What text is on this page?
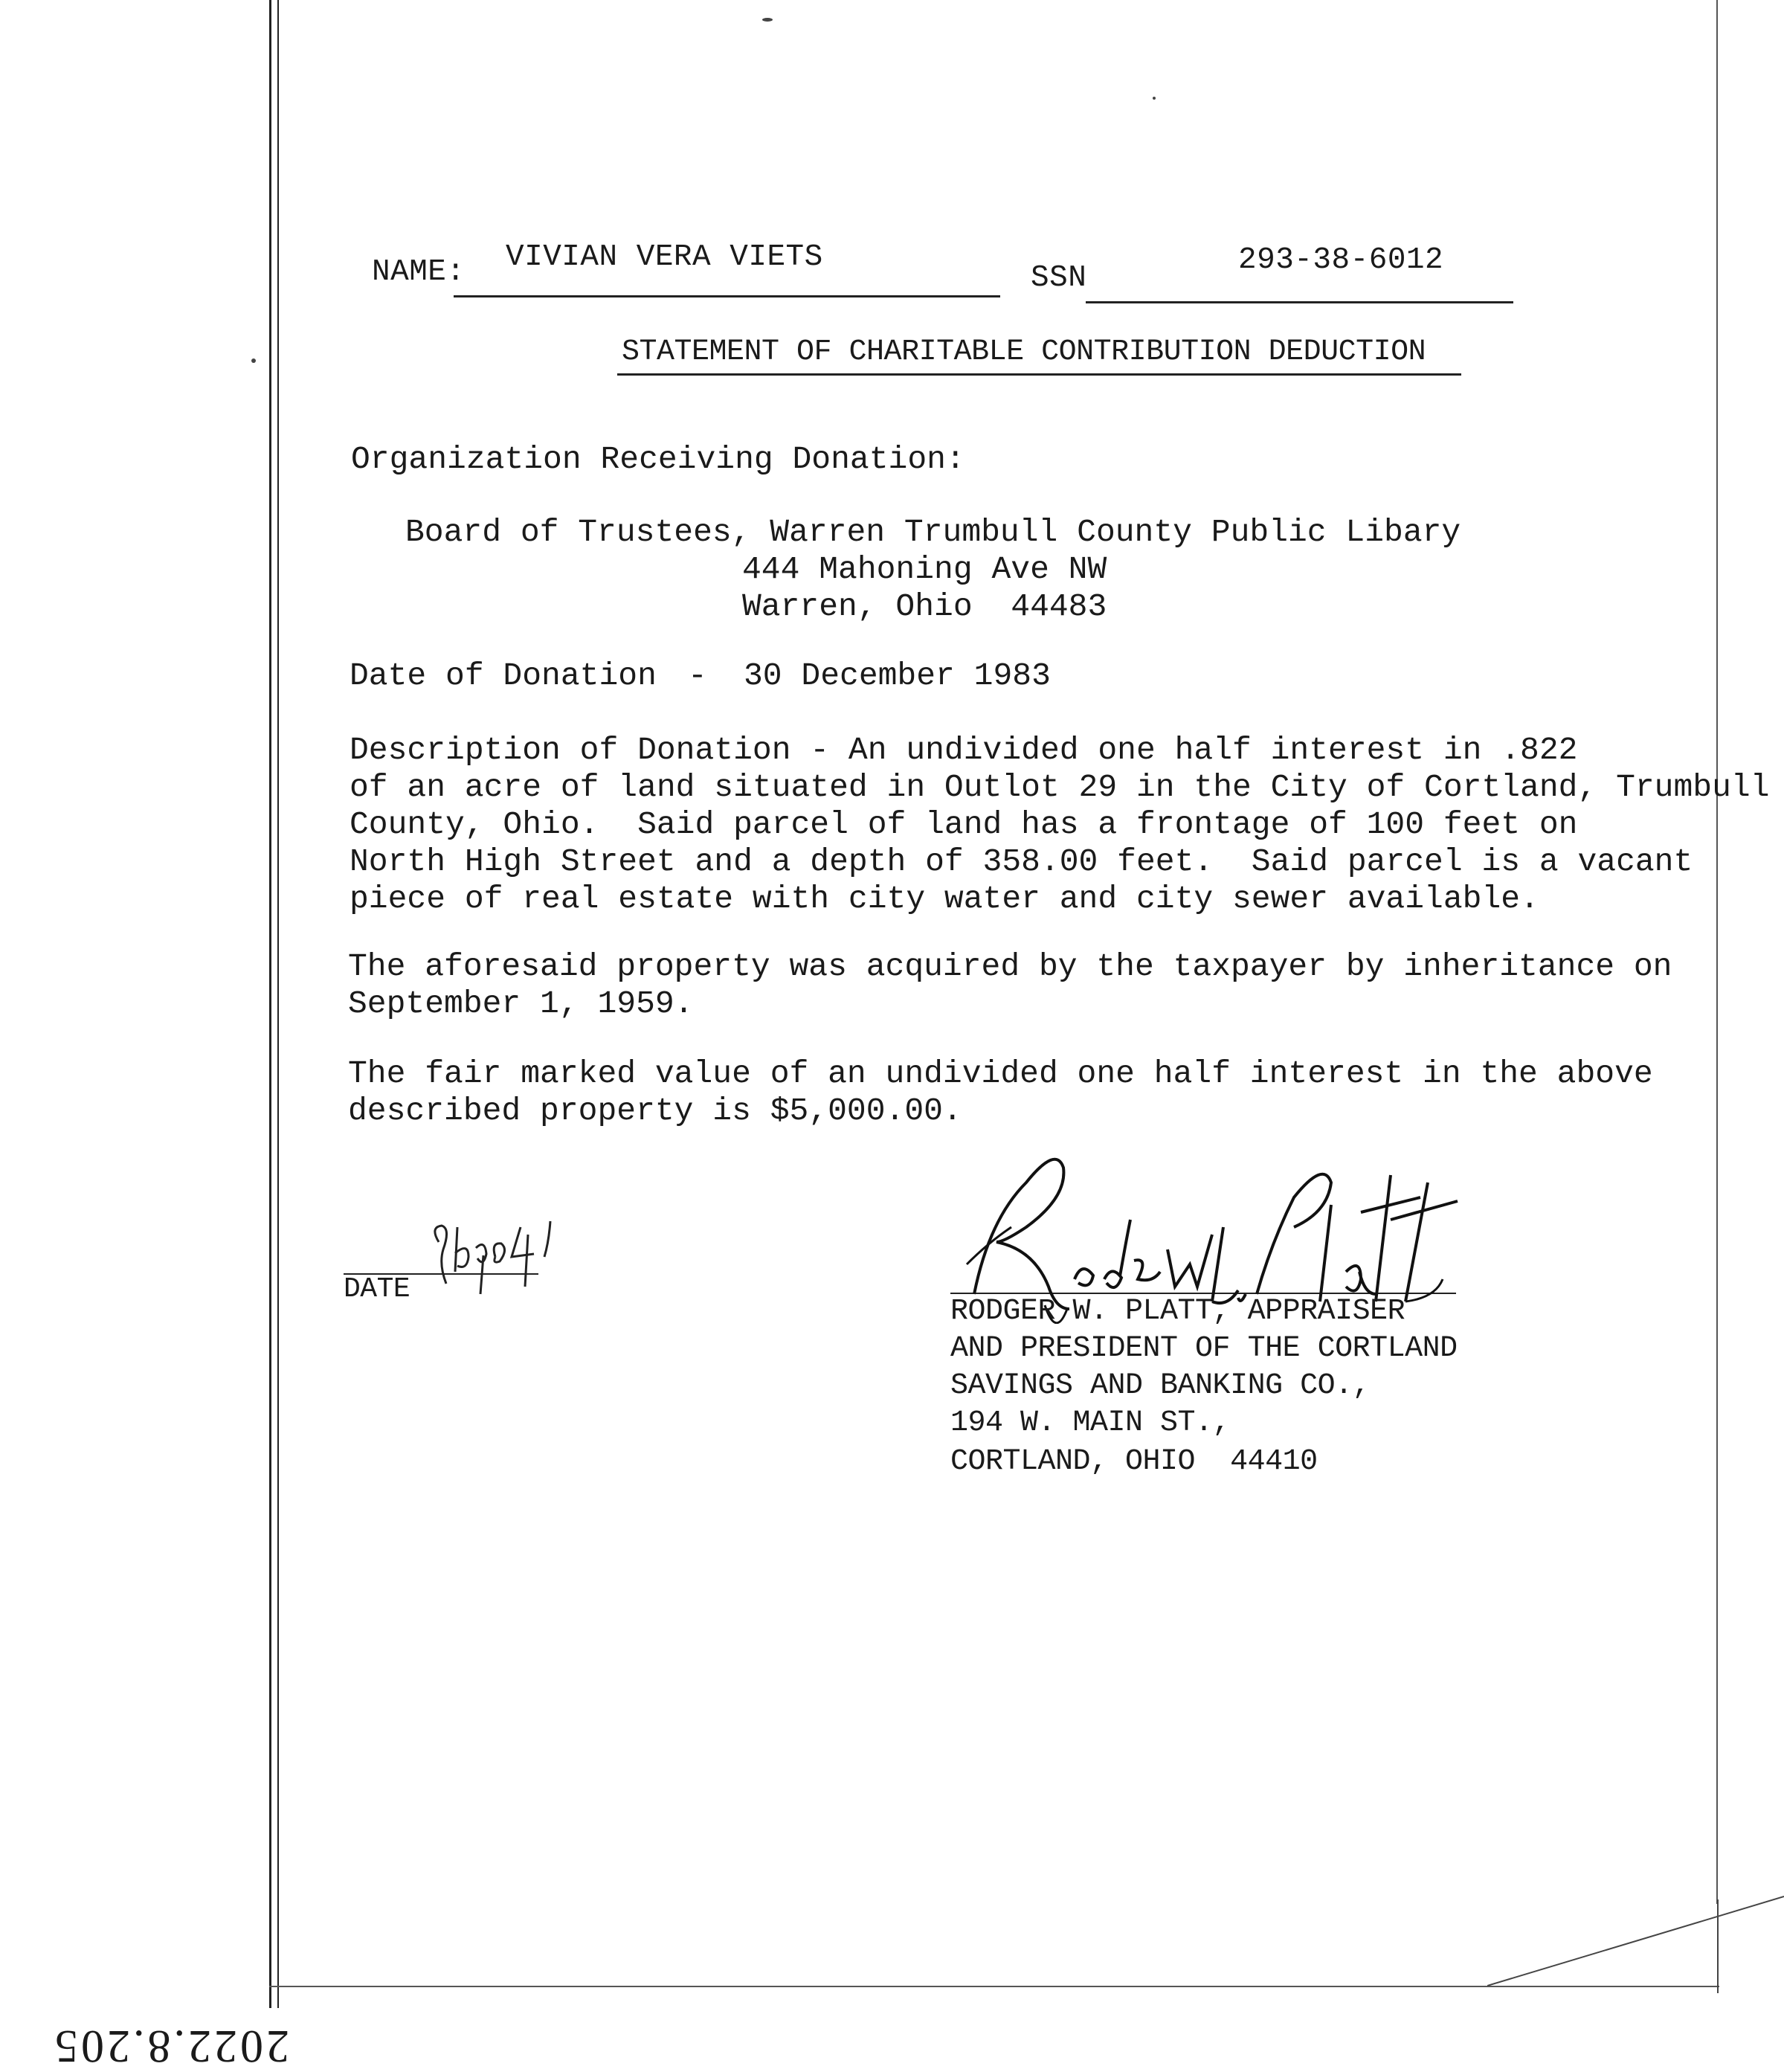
NAME: VIVIAN VERA VIETS
SSN
293-38-6012
STATEMENT OF CHARITABLE CONTRIBUTION DEDUCTION
Organization Receiving Donation:
Board of Trustees, Warren Trumbull County Public Libary
444 Mahoning Ave NW
Warren, Ohio  44483
Date of Donation - 30 December 1983
Description of Donation - An undivided one half interest in .822
of an acre of land situated in Outlot 29 in the City of Cortland, Trumbull
County, Ohio.  Said parcel of land has a frontage of 100 feet on
North High Street and a depth of 358.00 feet.  Said parcel is a vacant
piece of real estate with city water and city sewer available.
The aforesaid property was acquired by the taxpayer by inheritance on
September 1, 1959.
The fair marked value of an undivided one half interest in the above
described property is $5,000.00.
DATE
RODGER W. PLATT, APPRAISER
AND PRESIDENT OF THE CORTLAND
SAVINGS AND BANKING CO.,
194 W. MAIN ST.,
CORTLAND, OHIO  44410
2022.8.205
